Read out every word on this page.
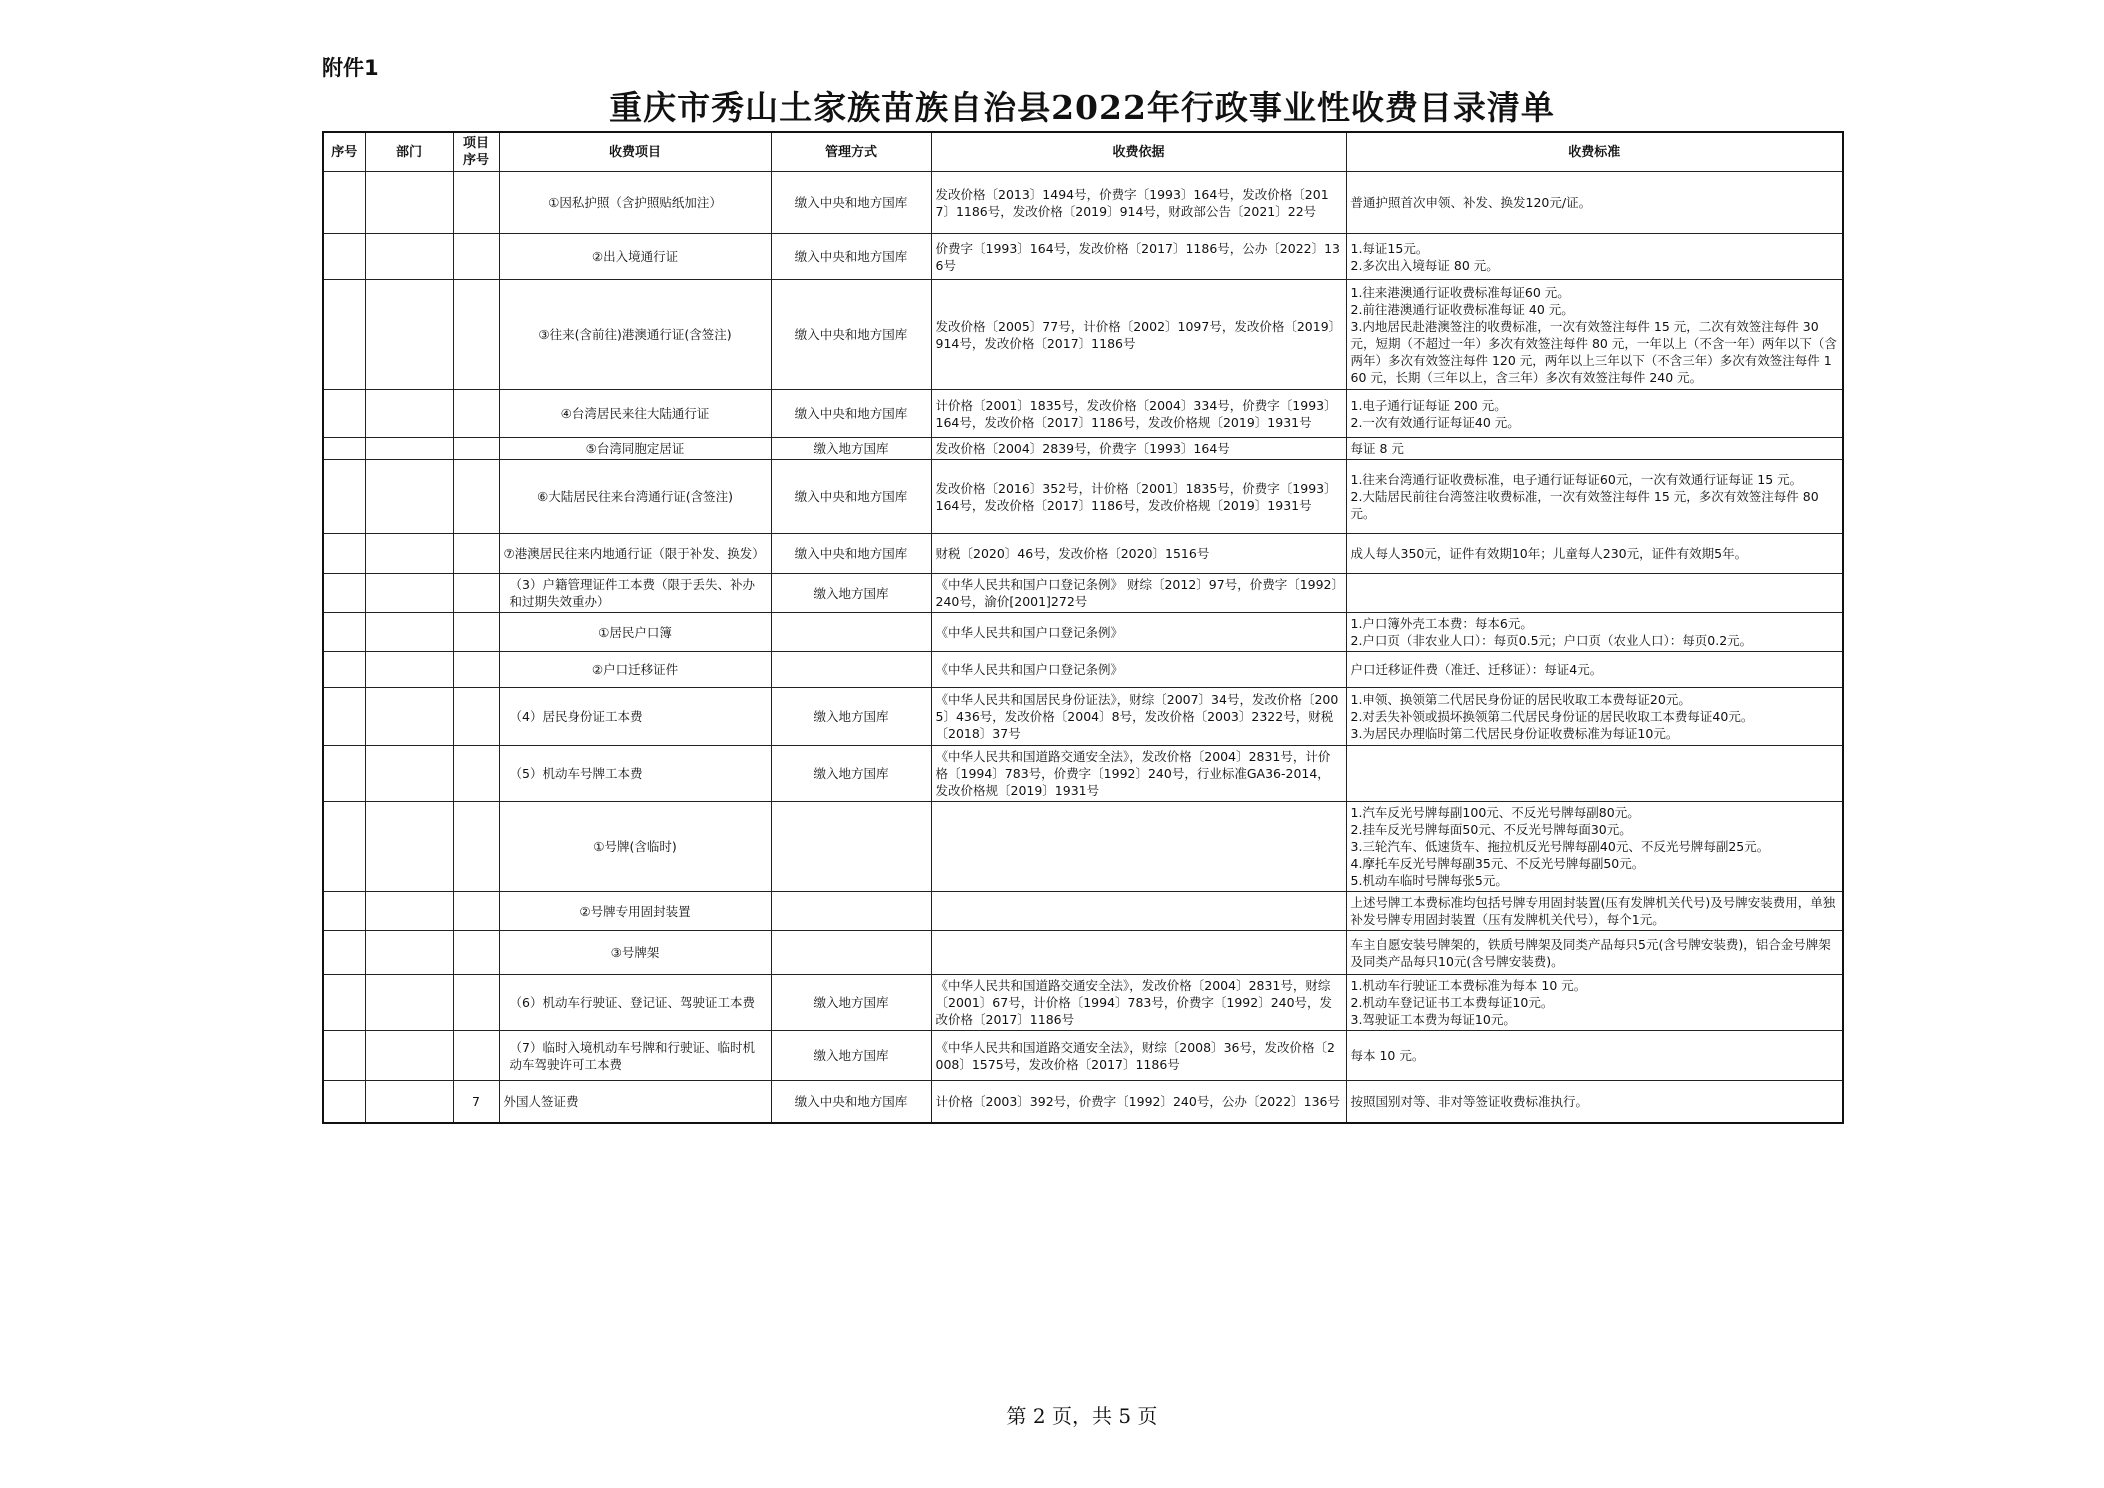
附件1
重庆市秀山土家族苗族自治县2022年行政事业性收费目录清单
序号	部门	项目序号	收费项目	管理方式	收费依据	收费标准
			①因私护照（含护照贴纸加注）	缴入中央和地方国库	发改价格〔2013〕1494号，价费字〔1993〕164号，发改价格〔2017〕1186号，发改价格〔2019〕914号，财政部公告〔2021〕22号	普通护照首次申领、补发、换发120元/证。

			②出入境通行证	缴入中央和地方国库	价费字〔1993〕164号，发改价格〔2017〕1186号，公办〔2022〕136号	1.每证15元。
2.多次出入境每证 80 元。

			③往来(含前往)港澳通行证(含签注)	缴入中央和地方国库	发改价格〔2005〕77号，计价格〔2002〕1097号，发改价格〔2019〕914号，发改价格〔2017〕1186号	1.往来港澳通行证收费标准每证60 元。
2.前往港澳通行证收费标准每证 40 元。
3.内地居民赴港澳签注的收费标准，一次有效签注每件 15 元，二次有效签注每件 30 元，短期（不超过一年）多次有效签注每件 80 元，一年以上（不含一年）两年以下（含两年）多次有效签注每件 120 元，两年以上三年以下（不含三年）多次有效签注每件 160 元，长期（三年以上，含三年）多次有效签注每件 240 元。

			④台湾居民来往大陆通行证	缴入中央和地方国库	计价格〔2001〕1835号，发改价格〔2004〕334号，价费字〔1993〕164号，发改价格〔2017〕1186号，发改价格规〔2019〕1931号	1.电子通行证每证 200 元。
2.一次有效通行证每证40 元。

			⑤台湾同胞定居证	缴入地方国库	发改价格〔2004〕2839号，价费字〔1993〕164号	每证 8 元

			⑥大陆居民往来台湾通行证(含签注)	缴入中央和地方国库	发改价格〔2016〕352号，计价格〔2001〕1835号，价费字〔1993〕164号，发改价格〔2017〕1186号，发改价格规〔2019〕1931号	1.往来台湾通行证收费标准，电子通行证每证60元，一次有效通行证每证 15 元。
2.大陆居民前往台湾签注收费标准，一次有效签注每件 15 元，多次有效签注每件 80 元。

			⑦港澳居民往来内地通行证（限于补发、换发）	缴入中央和地方国库	财税〔2020〕46号，发改价格〔2020〕1516号	成人每人350元，证件有效期10年；儿童每人230元，证件有效期5年。

			（3）户籍管理证件工本费（限于丢失、补办和过期失效重办）	缴入地方国库	《中华人民共和国户口登记条例》 财综〔2012〕97号，价费字〔1992〕240号，渝价[2001]272号	
			①居民户口簿		《中华人民共和国户口登记条例》	1.户口簿外壳工本费：每本6元。
2.户口页（非农业人口）：每页0.5元；户口页（农业人口）：每页0.2元。

			②户口迁移证件		《中华人民共和国户口登记条例》	户口迁移证件费（准迁、迁移证）：每证4元。

			（4）居民身份证工本费	缴入地方国库	《中华人民共和国居民身份证法》，财综〔2007〕34号，发改价格〔2005〕436号，发改价格〔2004〕8号，发改价格〔2003〕2322号，财税〔2018〕37号	1.申领、换领第二代居民身份证的居民收取工本费每证20元。
2.对丢失补领或损坏换领第二代居民身份证的居民收取工本费每证40元。
3.为居民办理临时第二代居民身份证收费标准为每证10元。

			（5）机动车号牌工本费	缴入地方国库	《中华人民共和国道路交通安全法》，发改价格〔2004〕2831号，计价格〔1994〕783号，价费字〔1992〕240号，行业标准GA36-2014，发改价格规〔2019〕1931号	
			①号牌(含临时)			1.汽车反光号牌每副100元、不反光号牌每副80元。
2.挂车反光号牌每面50元、不反光号牌每面30元。
3.三轮汽车、低速货车、拖拉机反光号牌每副40元、不反光号牌每副25元。
4.摩托车反光号牌每副35元、不反光号牌每副50元。
5.机动车临时号牌每张5元。

			②号牌专用固封装置			上述号牌工本费标准均包括号牌专用固封装置(压有发牌机关代号)及号牌安装费用，单独补发号牌专用固封装置（压有发牌机关代号），每个1元。

			③号牌架			车主自愿安装号牌架的，铁质号牌架及同类产品每只5元(含号牌安装费)，铝合金号牌架及同类产品每只10元(含号牌安装费)。

			（6）机动车行驶证、登记证、驾驶证工本费	缴入地方国库	《中华人民共和国道路交通安全法》，发改价格〔2004〕2831号，财综〔2001〕67号，计价格〔1994〕783号，价费字〔1992〕240号，发改价格〔2017〕1186号	1.机动车行驶证工本费标准为每本 10 元。
2.机动车登记证书工本费每证10元。
3.驾驶证工本费为每证10元。

			（7）临时入境机动车号牌和行驶证、临时机动车驾驶许可工本费	缴入地方国库	《中华人民共和国道路交通安全法》，财综〔2008〕36号，发改价格〔2008〕1575号，发改价格〔2017〕1186号	每本 10 元。

		7	外国人签证费	缴入中央和地方国库	计价格〔2003〕392号，价费字〔1992〕240号，公办〔2022〕136号	按照国别对等、非对等签证收费标准执行。
第 2 页，共 5 页
